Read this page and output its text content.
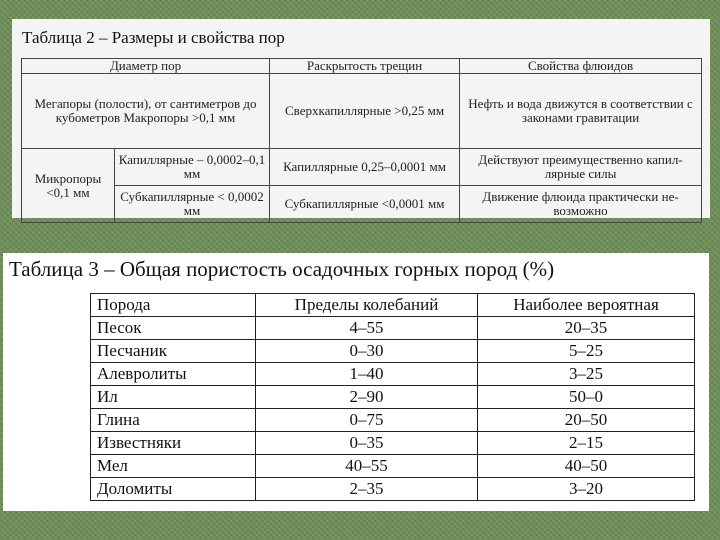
Таблица 2 – Размеры и свойства пор
Диаметр пор		Раскрытость трещин	Свойства флюидов
Мегапоры (полости), от сантиметров до кубометров Макропоры >0,1 мм		Сверхкапиллярные >0,25 мм	Нефть и вода движутся в соответствии с законами гравитации
Микропоры <0,1 мм	Капиллярные – 0,0002–0,1 мм	Капиллярные 0,25–0,0001 мм	Действуют преимущественно капиллярные силы
	Субкапиллярные < 0,0002 мм	Субкапиллярные <0,0001 мм	Движение флюида практически невозможно
Таблица 3 – Общая пористость осадочных горных пород (%)
Порода	Пределы колебаний	Наиболее вероятная
Песок	4–55	20–35
Песчаник	0–30	5–25
Алевролиты	1–40	3–25
Ил	2–90	50–0
Глина	0–75	20–50
Известняки	0–35	2–15
Мел	40–55	40–50
Доломиты	2–35	3–20
